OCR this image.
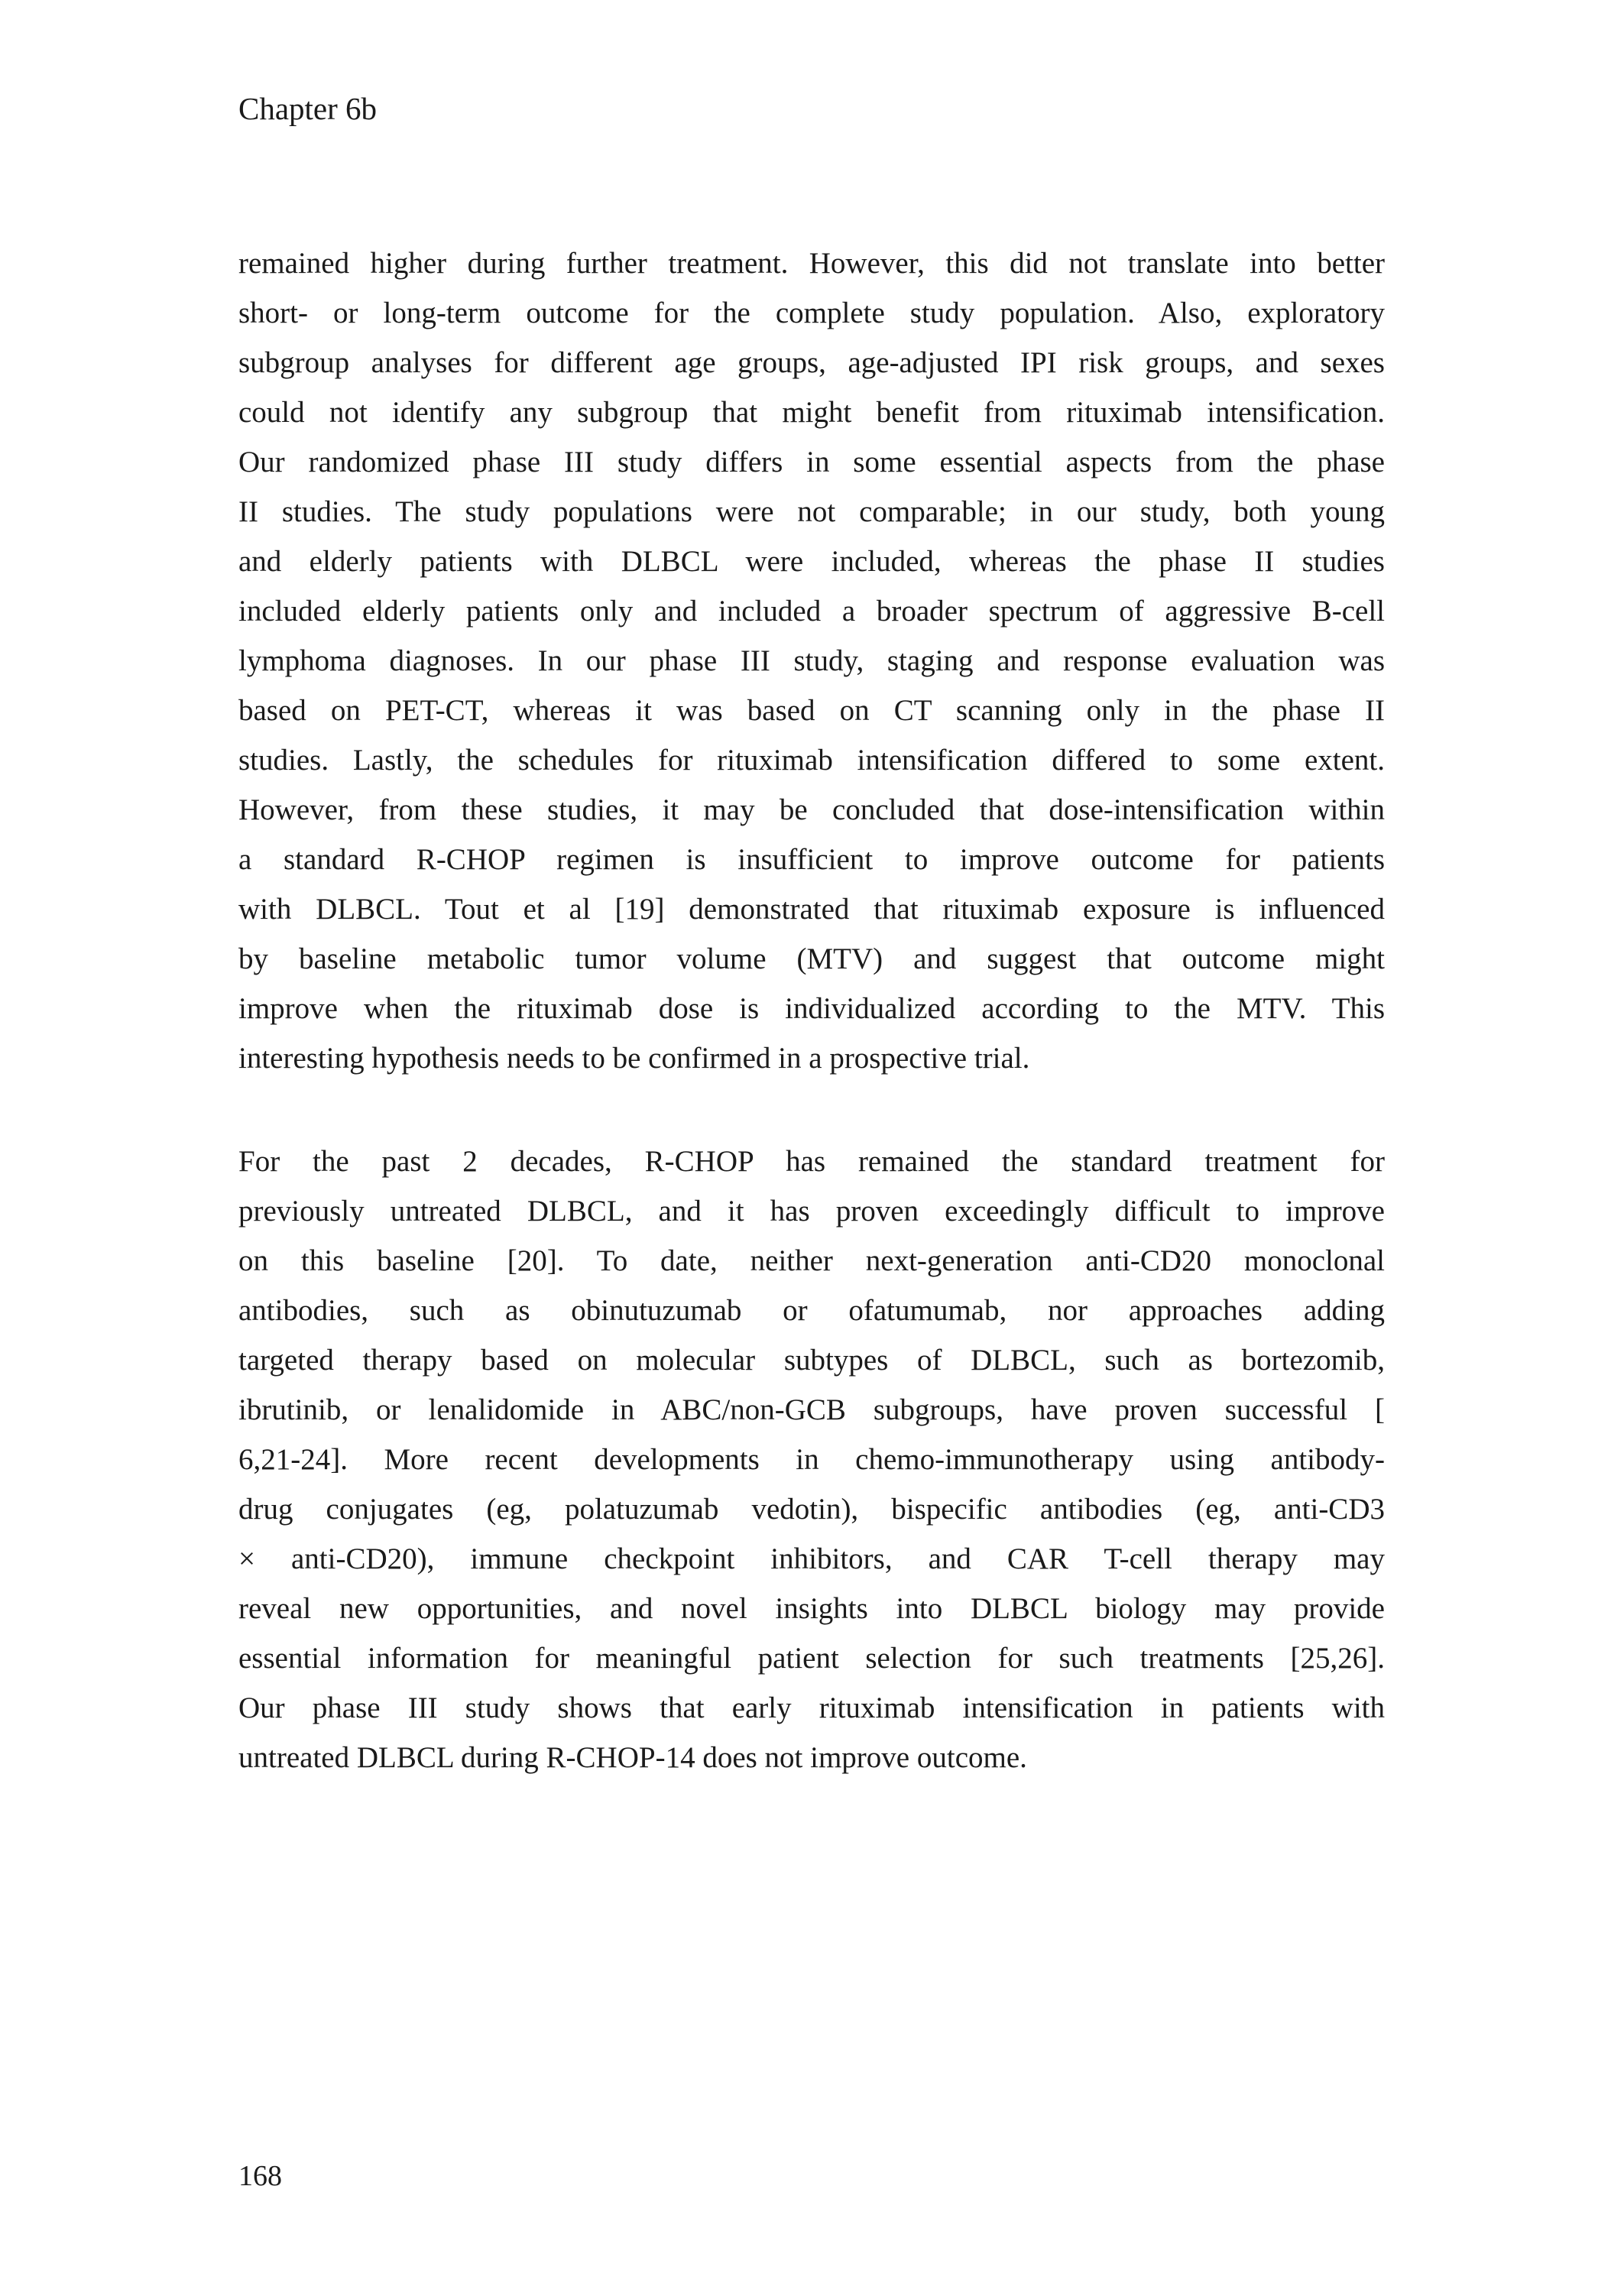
Chapter 6b
remained higher during further treatment. However, this did not translate into better
short- or long-term outcome for the complete study population. Also, exploratory
subgroup analyses for different age groups, age-adjusted IPI risk groups, and sexes
could not identify any subgroup that might benefit from rituximab intensification.
Our randomized phase III study differs in some essential aspects from the phase
II studies. The study populations were not comparable; in our study, both young
and elderly patients with DLBCL were included, whereas the phase II studies
included elderly patients only and included a broader spectrum of aggressive B-cell
lymphoma diagnoses. In our phase III study, staging and response evaluation was
based on PET-CT, whereas it was based on CT scanning only in the phase II
studies. Lastly, the schedules for rituximab intensification differed to some extent.
However, from these studies, it may be concluded that dose-intensification within
a standard R-CHOP regimen is insufficient to improve outcome for patients
with DLBCL. Tout et al [19] demonstrated that rituximab exposure is influenced
by baseline metabolic tumor volume (MTV) and suggest that outcome might
improve when the rituximab dose is individualized according to the MTV. This
interesting hypothesis needs to be confirmed in a prospective trial.
For the past 2 decades, R-CHOP has remained the standard treatment for
previously untreated DLBCL, and it has proven exceedingly difficult to improve
on this baseline [20]. To date, neither next-generation anti-CD20 monoclonal
antibodies, such as obinutuzumab or ofatumumab, nor approaches adding
targeted therapy based on molecular subtypes of DLBCL, such as bortezomib,
ibrutinib, or lenalidomide in ABC/non-GCB subgroups, have proven successful [
6,21-24]. More recent developments in chemo-immunotherapy using antibody-
drug conjugates (eg, polatuzumab vedotin), bispecific antibodies (eg, anti-CD3
× anti-CD20), immune checkpoint inhibitors, and CAR T-cell therapy may
reveal new opportunities, and novel insights into DLBCL biology may provide
essential information for meaningful patient selection for such treatments [25,26].
Our phase III study shows that early rituximab intensification in patients with
untreated DLBCL during R-CHOP-14 does not improve outcome.
168
